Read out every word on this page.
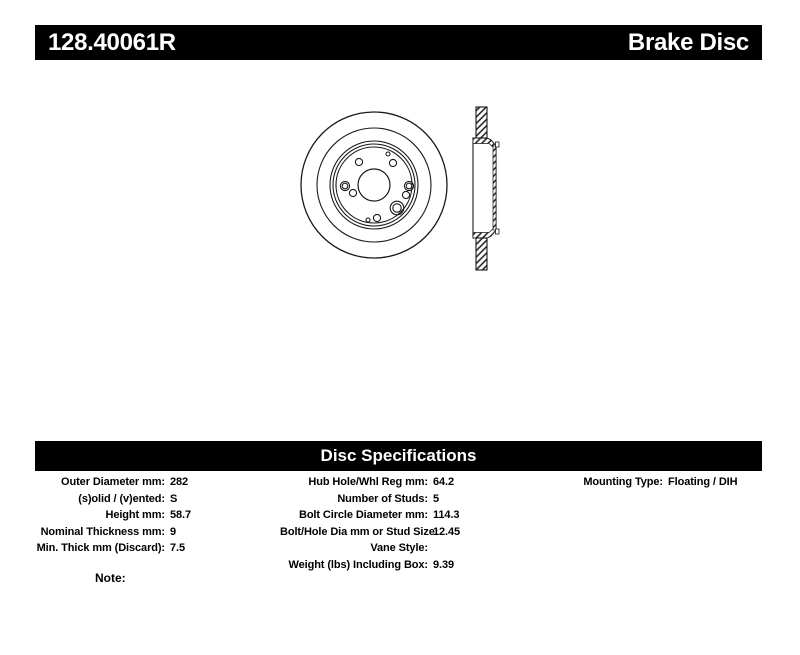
128.40061R	Brake Disc
Disc Specifications
Outer Diameter mm: 282
(s)olid / (v)ented: S
Height mm: 58.7
Nominal Thickness mm: 9
Min. Thick mm (Discard): 7.5
Hub Hole/Whl Reg mm: 64.2
Number of Studs: 5
Bolt Circle Diameter mm: 114.3
Bolt/Hole Dia mm or Stud Size:
12.45
Vane Style:
Weight (lbs) Including Box: 9.39
Mounting Type: Floating / DIH
Note:
